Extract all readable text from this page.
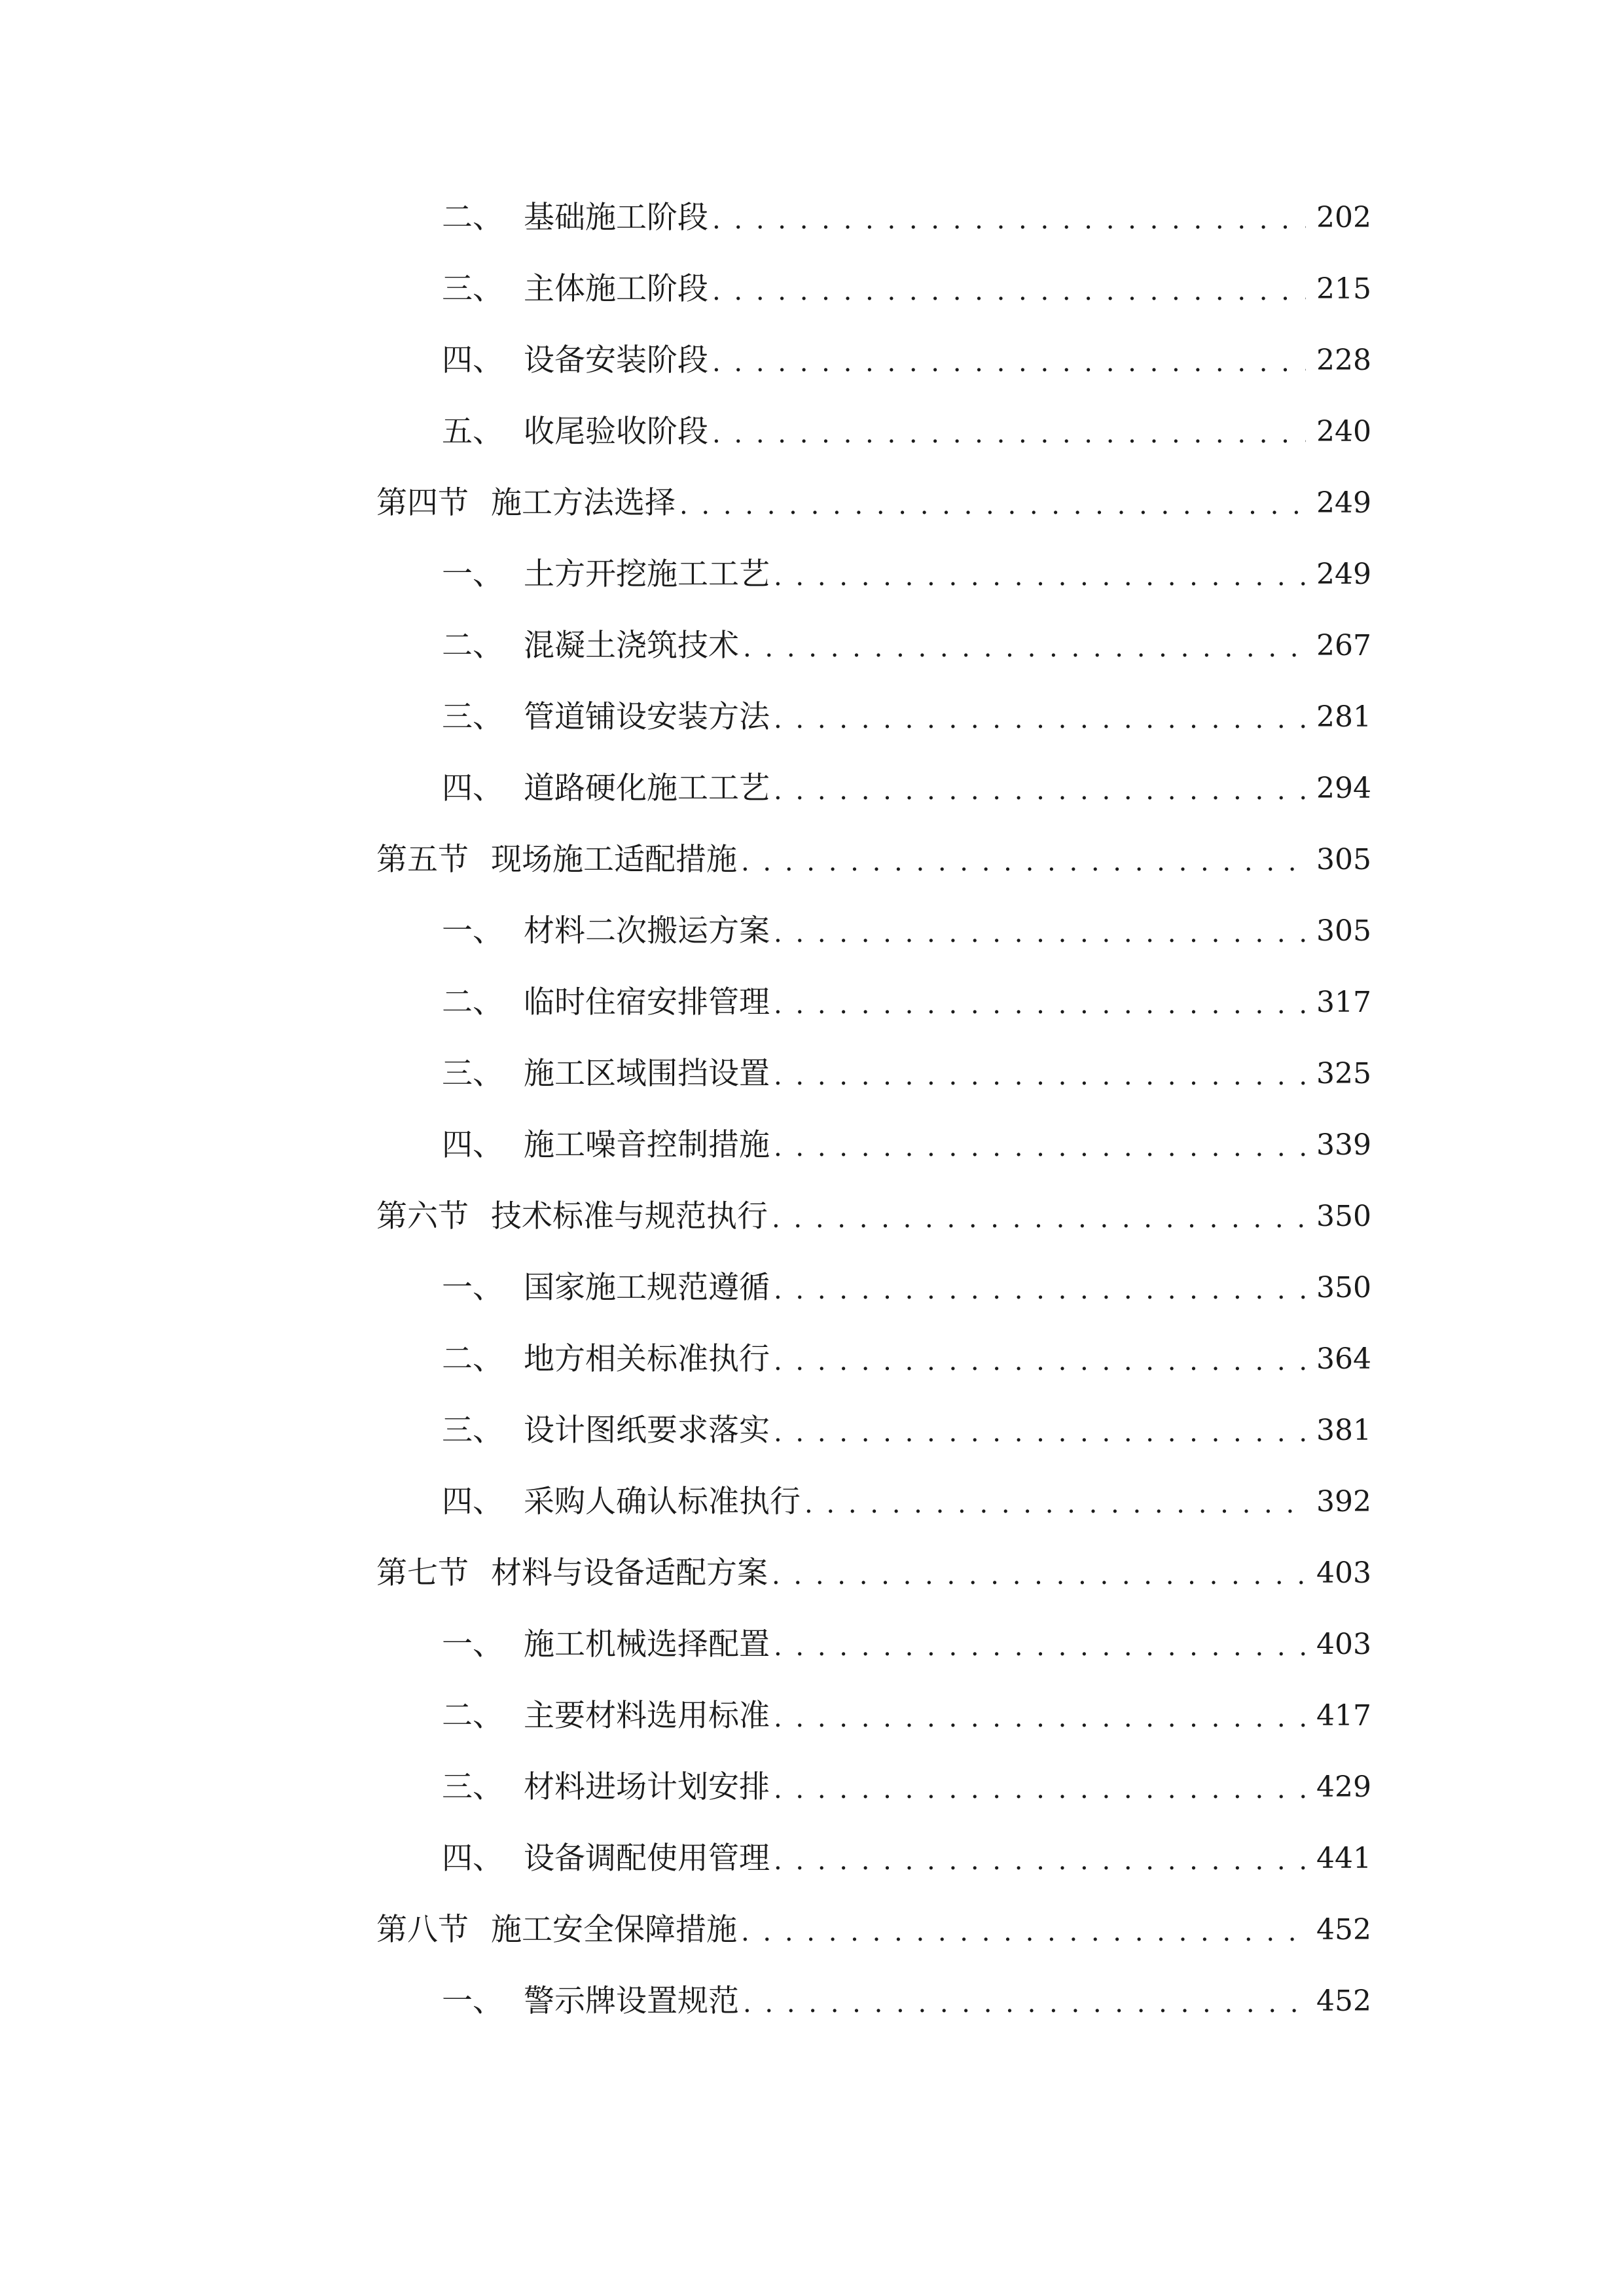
二、 基础施工阶段 . . .	202
三、 主体施工阶段 . . .	215
四、 设备安装阶段 . . .	228
五、 收尾验收阶段 . . .	240
第四节 施工方法选择 . . .	249
一、 土方开挖施工工艺 . . .	249
二、 混凝土浇筑技术 . . .	267
三、 管道铺设安装方法 . . .	281
四、 道路硬化施工工艺 . . .	294
第五节 现场施工适配措施 . . .	305
一、 材料二次搬运方案 . . .	305
二、 临时住宿安排管理 . . .	317
三、 施工区域围挡设置 . . .	325
四、 施工噪音控制措施 . . .	339
第六节 技术标准与规范执行 . . .	350
一、 国家施工规范遵循 . . .	350
二、 地方相关标准执行 . . .	364
三、 设计图纸要求落实 . . .	381
四、 采购人确认标准执行 . . .	392
第七节 材料与设备适配方案 . . .	403
一、 施工机械选择配置 . . .	403
二、 主要材料选用标准 . . .	417
三、 材料进场计划安排 . . .	429
四、 设备调配使用管理 . . .	441
第八节 施工安全保障措施 . . .	452
一、 警示牌设置规范 . . .	452
